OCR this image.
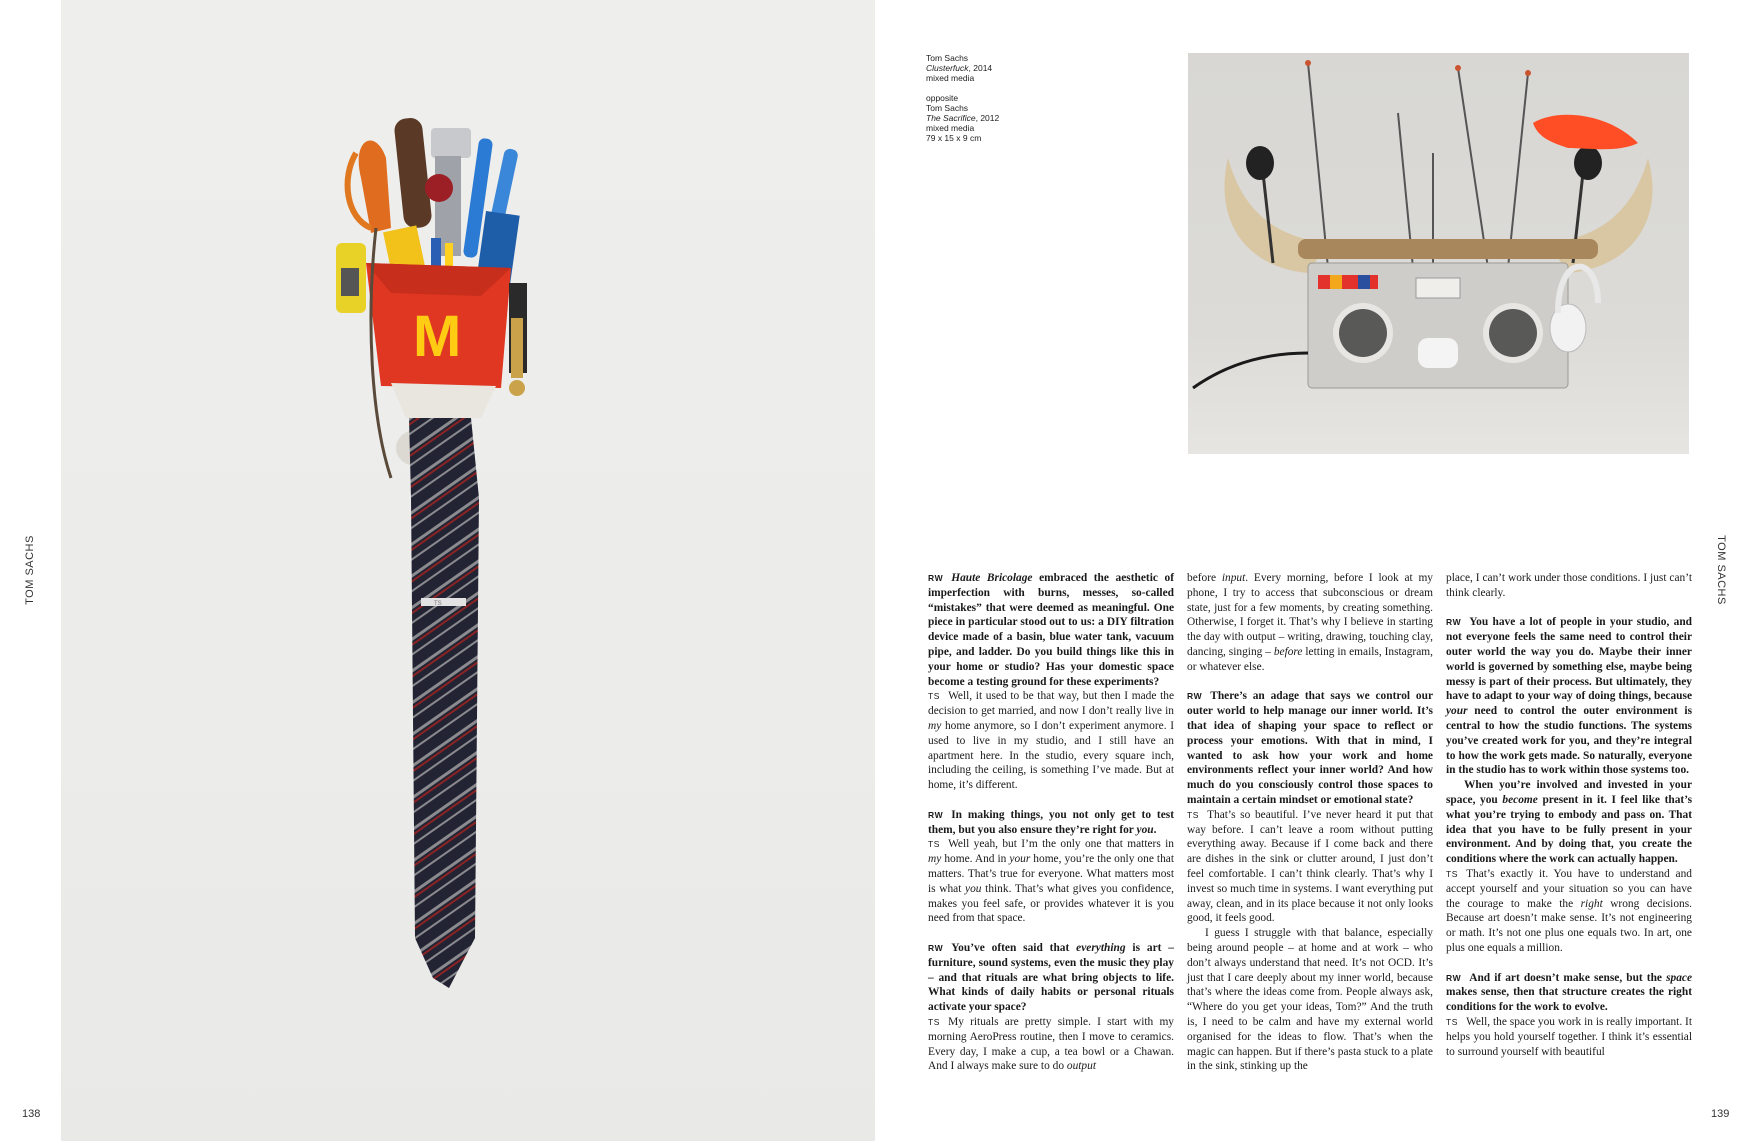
M
TS
TOM SACHS
138
Tom Sachs
Clusterfuck, 2014
mixed media
opposite
Tom Sachs
The Sacrifice, 2012
mixed media
79 x 15 x 9 cm

RW Haute Bricolage embraced the aesthetic of imperfection with burns, messes, so-called “mistakes” that were deemed as meaningful. One piece in particular stood out to us: a DIY filtration device made of a basin, blue water tank, vacuum pipe, and ladder. Do you build things like this in your home or studio? Has your domestic space become a testing ground for these experiments?

TS Well, it used to be that way, but then I made the decision to get married, and now I don’t really live in my home anymore, so I don’t experiment anymore. I used to live in my studio, and I still have an apartment here. In the studio, every square inch, including the ceiling, is something I’ve made. But at home, it’s different.

RW In making things, you not only get to test them, but you also ensure they’re right for you.

TS Well yeah, but I’m the only one that matters in my home. And in your home, you’re the only one that matters. That’s true for everyone. What matters most is what you think. That’s what gives you confidence, makes you feel safe, or provides whatever it is you need from that space.

RW You’ve often said that everything is art – furniture, sound systems, even the music they play – and that rituals are what bring objects to life. What kinds of daily habits or personal rituals activate your space?

TS My rituals are pretty simple. I start with my morning AeroPress routine, then I move to ceramics. Every day, I make a cup, a tea bowl or a Chawan. And I always make sure to do output

before input. Every morning, before I look at my phone, I try to access that subconscious or dream state, just for a few moments, by creating something. Otherwise, I forget it. That’s why I believe in starting the day with output – writing, drawing, touching clay, dancing, singing – before letting in emails, Instagram, or whatever else.

RW There’s an adage that says we control our outer world to help manage our inner world. It’s that idea of shaping your space to reflect or process your emotions. With that in mind, I wanted to ask how your work and home environments reflect your inner world? And how much do you consciously control those spaces to maintain a certain mindset or emotional state?

TS That’s so beautiful. I’ve never heard it put that way before. I can’t leave a room without putting everything away. Because if I come back and there are dishes in the sink or clutter around, I just don’t feel comfortable. I can’t think clearly. That’s why I invest so much time in systems. I want everything put away, clean, and in its place because it not only looks good, it feels good.

I guess I struggle with that balance, especially being around people – at home and at work – who don’t always understand that need. It’s not OCD. It’s just that I care deeply about my inner world, because that’s where the ideas come from. People always ask, “Where do you get your ideas, Tom?” And the truth is, I need to be calm and have my external world organised for the ideas to flow. That’s when the magic can happen. But if there’s pasta stuck to a plate in the sink, stinking up the

place, I can’t work under those conditions. I just can’t think clearly.

RW You have a lot of people in your studio, and not everyone feels the same need to control their outer world the way you do. Maybe their inner world is governed by something else, maybe being messy is part of their process. But ultimately, they have to adapt to your way of doing things, because your need to control the outer environment is central to how the studio functions. The systems you’ve created work for you, and they’re integral to how the work gets made. So naturally, everyone in the studio has to work within those systems too.

When you’re involved and invested in your space, you become present in it. I feel like that’s what you’re trying to embody and pass on. That idea that you have to be fully present in your environment. And by doing that, you create the conditions where the work can actually happen.

TS That’s exactly it. You have to understand and accept yourself and your situation so you can have the courage to make the right wrong decisions. Because art doesn’t make sense. It’s not engineering or math. It’s not one plus one equals two. In art, one plus one equals a million.

RW And if art doesn’t make sense, but the space makes sense, then that structure creates the right conditions for the work to evolve.

TS Well, the space you work in is really important. It helps you hold yourself together. I think it’s essential to surround yourself with beautiful

TOM SACHS
139
